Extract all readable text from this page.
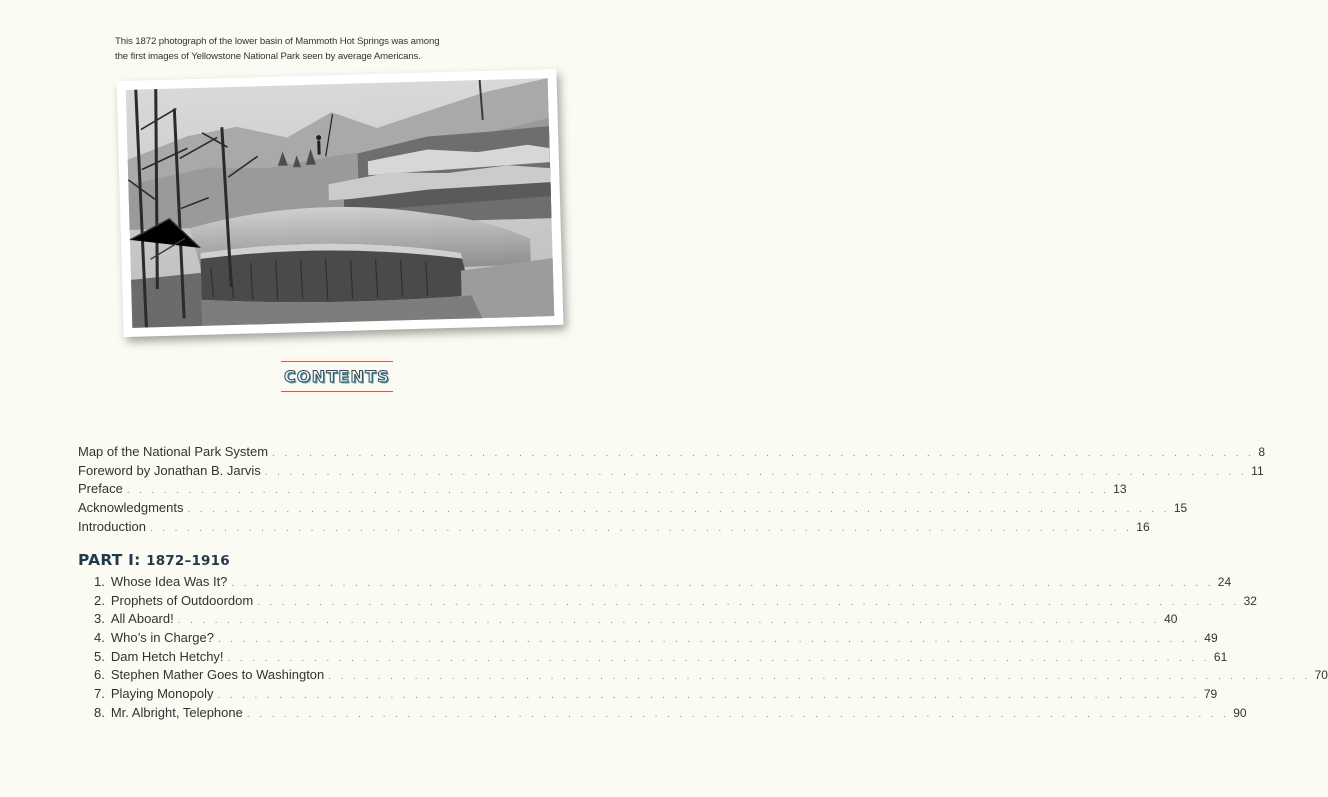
This 1872 photograph of the lower basin of Mammoth Hot Springs was among
the first images of Yellowstone National Park seen by average Americans.
CONTENTS
Map of the National Park System . . . . . . . . . . . . . . . . . . . . . . . . . . . . . . . . . . . . . . . . . . . . . . . . . . . . . . . . . . . . . . . . . . . . . . . . . . . . . . . . 8
Foreword by Jonathan B. Jarvis . . . . . . . . . . . . . . . . . . . . . . . . . . . . . . . . . . . . . . . . . . . . . . . . . . . . . . . . . . . . . . . . . . . . . . . . . . . . . . . . 11
Preface . . . . . . . . . . . . . . . . . . . . . . . . . . . . . . . . . . . . . . . . . . . . . . . . . . . . . . . . . . . . . . . . . . . . . . . . . . . . . . . . 13
Acknowledgments . . . . . . . . . . . . . . . . . . . . . . . . . . . . . . . . . . . . . . . . . . . . . . . . . . . . . . . . . . . . . . . . . . . . . . . . . . . . . . . . 15
Introduction . . . . . . . . . . . . . . . . . . . . . . . . . . . . . . . . . . . . . . . . . . . . . . . . . . . . . . . . . . . . . . . . . . . . . . . . . . . . . . . . 16
PART I: 1872–1916
1. Whose Idea Was It? . . . . . . . . . . . . . . . . . . . . . . . . . . . . . . . . . . . . . . . . . . . . . . . . . . . . . . . . . . . . . . . . . . . . . . . . . . . . . . . . 24
2. Prophets of Outdoordom . . . . . . . . . . . . . . . . . . . . . . . . . . . . . . . . . . . . . . . . . . . . . . . . . . . . . . . . . . . . . . . . . . . . . . . . . . . . . . . . 32
3. All Aboard! . . . . . . . . . . . . . . . . . . . . . . . . . . . . . . . . . . . . . . . . . . . . . . . . . . . . . . . . . . . . . . . . . . . . . . . . . . . . . . . . 40
4. Who’s in Charge? . . . . . . . . . . . . . . . . . . . . . . . . . . . . . . . . . . . . . . . . . . . . . . . . . . . . . . . . . . . . . . . . . . . . . . . . . . . . . . . . 49
5. Dam Hetch Hetchy! . . . . . . . . . . . . . . . . . . . . . . . . . . . . . . . . . . . . . . . . . . . . . . . . . . . . . . . . . . . . . . . . . . . . . . . . . . . . . . . . 61
6. Stephen Mather Goes to Washington . . . . . . . . . . . . . . . . . . . . . . . . . . . . . . . . . . . . . . . . . . . . . . . . . . . . . . . . . . . . . . . . . . . . . . . . . . . . . . . . 70
7. Playing Monopoly . . . . . . . . . . . . . . . . . . . . . . . . . . . . . . . . . . . . . . . . . . . . . . . . . . . . . . . . . . . . . . . . . . . . . . . . . . . . . . . . 79
8. Mr. Albright, Telephone . . . . . . . . . . . . . . . . . . . . . . . . . . . . . . . . . . . . . . . . . . . . . . . . . . . . . . . . . . . . . . . . . . . . . . . . . . . . . . . . 90
